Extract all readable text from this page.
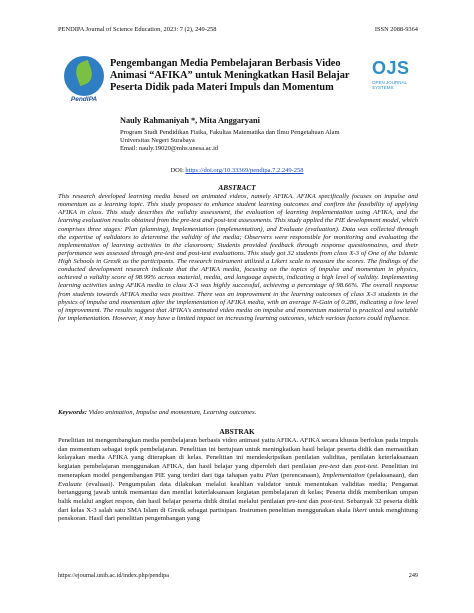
PENDIPA Journal of Science Education, 2023: 7 (2), 249-258	ISSN 2088-9364
PendIPA
Pengembangan Media Pembelajaran Berbasis Video Animasi “AFIKA” untuk Meningkatkan Hasil Belajar Peserta Didik pada Materi Impuls dan Momentum
OJS
OPEN JOURNAL SYSTEMS
Nauly Rahmaniyah *, Mita Anggaryani
Program Studi Pendidikan Fisika, Fakultas Matematika dan Ilmu Pengetahuan Alam
Universitas Negeri Surabaya
Email: nauly.19020@mhs.unesa.ac.id
DOI: https://doi.org/10.33369/pendipa.7.2.249-258
ABSTRACT
This research developed learning media based on animated videos, namely AFIKA. AFIKA specifically focuses on impulse and momentum as a learning topic. This study proposes to enhance student learning outcomes and confirm the feasibility of applying AFIKA in class. This study describes the validity assessment, the evaluation of learning implementation using AFIKA, and the learning evaluation results obtained from the pre-test and post-test assessments. This study applied the PIE development model, which comprises three stages: Plan (planning), Implementation (implementation), and Evaluate (evaluation). Data was collected through the expertise of validators to determine the validity of the media; Observers were responsible for monitoring and evaluating the implementation of learning activities in the classroom; Students provided feedback through response questionnaires, and their performance was assessed through pre-test and post-test evaluations. This study got 32 students from class X-3 of One of the Islamic High Schools in Gresik as the participants. The research instrument utilized a Likert scale to measure the scores. The findings of the conducted development research indicate that the AFIKA media, focusing on the topics of impulse and momentum in physics, achieved a validity score of 98.99% across material, media, and language aspects, indicating a high level of validity. Implementing learning activities using AFIKA media in class X-3 was highly successful, achieving a percentage of 98.66%. The overall response from students towards AFIKA media was positive. There was an improvement in the learning outcomes of class X-3 students in the physics of impulse and momentum after the implementation of AFIKA media, with an average N-Gain of 0.286, indicating a low level of improvement. The results suggest that AFIKA's animated video media on impulse and momentum material is practical and suitable for implementation. However, it may have a limited impact on increasing learning outcomes, which various factors could influence.
Keywords: Video animation, Impulse and momentum, Learning outcomes.
ABSTRAK
Penelitian ini mengembangkan media pembelajaran berbasis video animasi yaitu AFIKA. AFIKA secara khusus berfokus pada impuls dan momentum sebagai topik pembelajaran. Penelitian ini bertujuan untuk meningkatkan hasil belajar peserta didik dan memastikan kelayakan media AFIKA yang diterapkan di kelas. Penelitian ini mendeskripsikan penilaian validitas, penilaian keterlaksanaan kegiatan pembelajaran menggunakan AFIKA, dan hasil belajar yang diperoleh dari penilaian pre-test dan post-test. Penelitian ini menerapkan model pengembangan PIE yang terdiri dari tiga tahapan yaitu Plan (perencanaan), Implementation (pelaksanaan), dan Evaluate (evaluasi). Pengumpulan data dilakukan melalui keahlian validator untuk menentukan validitas media; Pengamat bertanggung jawab untuk memantau dan menilai keterlaksanaan kegiatan pembelajaran di kelas; Peserta didik memberikan umpan balik melalui angket respon, dan hasil belajar peserta didik dinilai melalui penilaian pre-test dan post-test. Sebanyak 32 peserta didik dari kelas X-3 salah satu SMA Islam di Gresik sebagai partisipan. Instrumen penelitian menggunakan skala likert untuk menghitung penskoran. Hasil dari penelitian pengembangan yang
https://ejournal.unib.ac.id/index.php/pendipa	249
